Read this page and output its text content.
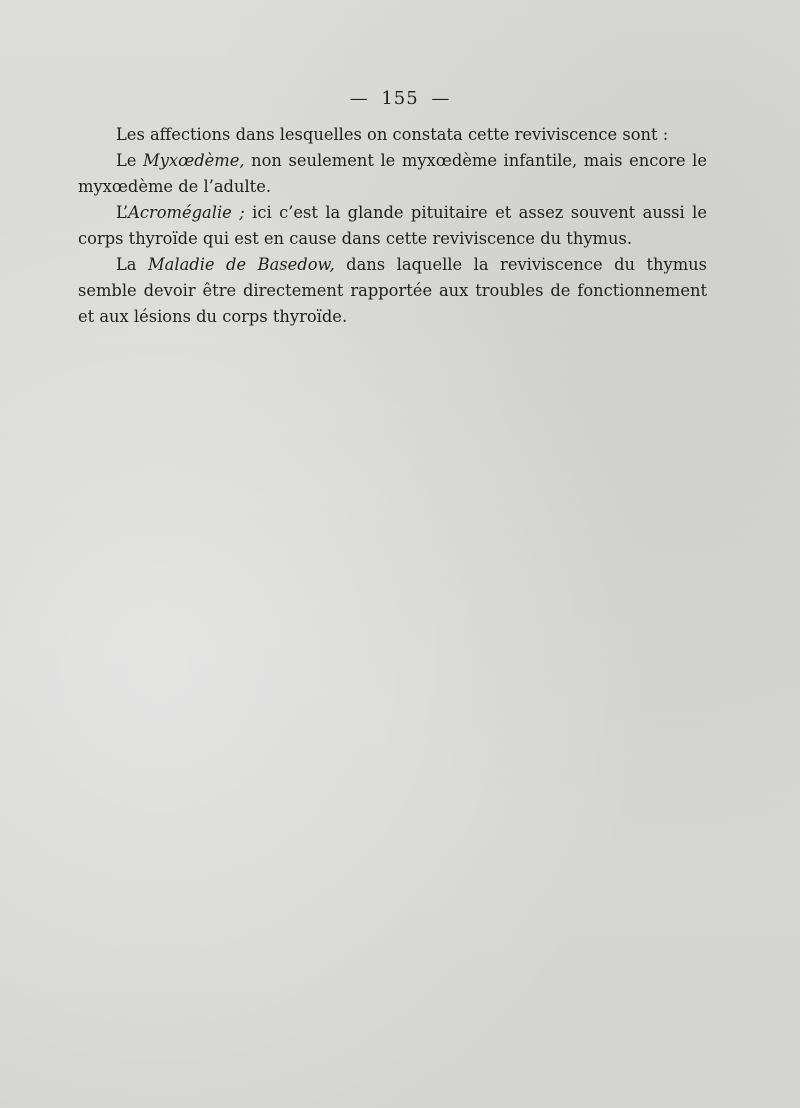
— 155 —

Les affections dans lesquelles on constata cette reviviscence sont :

Le Myxœdème, non seulement le myxœdème infantile, mais encore le myxœdème de l’adulte.

L’Acromégalie ; ici c’est la glande pituitaire et assez souvent aussi le corps thyroïde qui est en cause dans cette reviviscence du thymus.

La Maladie de Basedow, dans laquelle la reviviscence du thymus semble devoir être directement rapportée aux troubles de fonctionnement et aux lésions du corps thyroïde.
